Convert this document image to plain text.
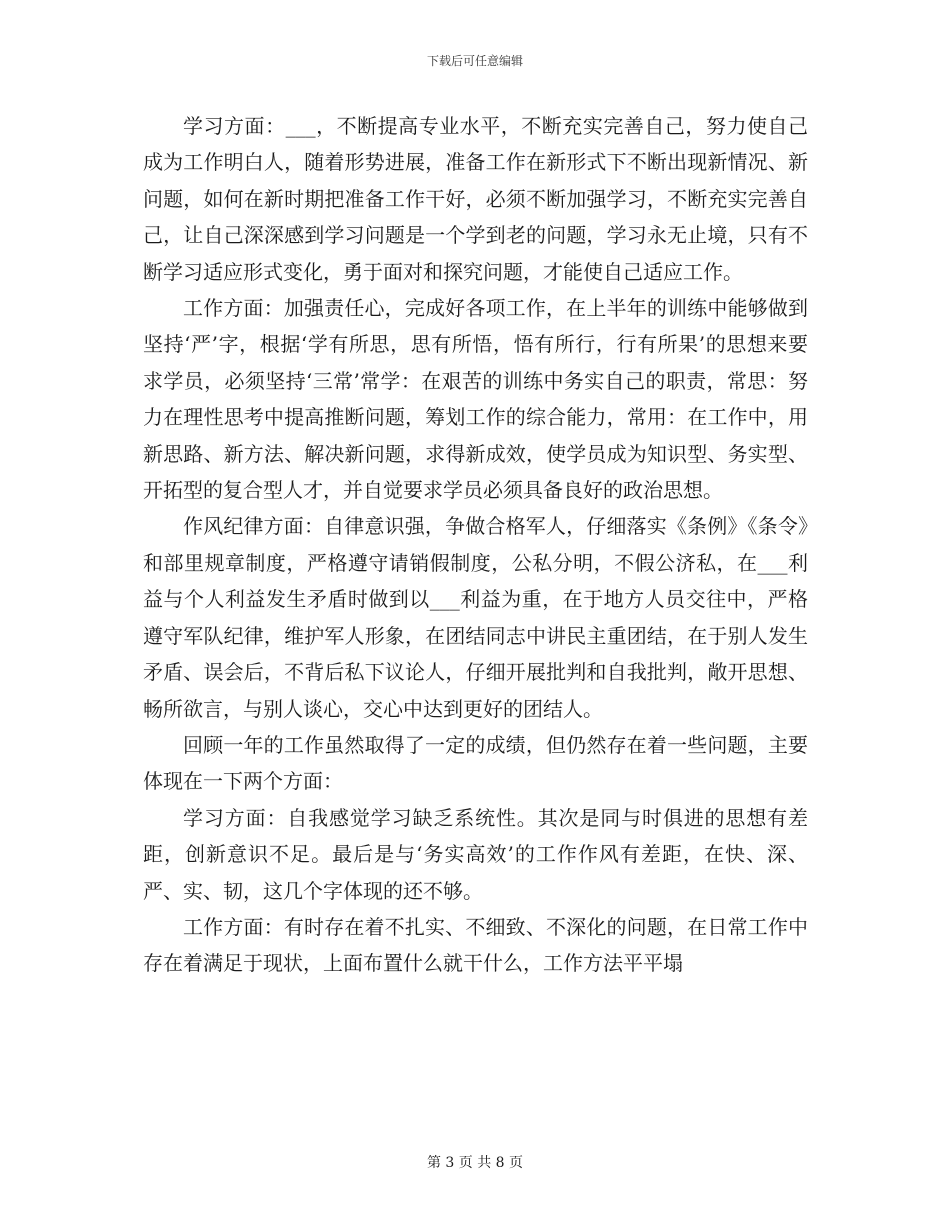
下载后可任意编辑

学习方面：___，不断提高专业水平，不断充实完善自己，努力使自己成为工作明白人，随着形势进展，准备工作在新形式下不断出现新情况、新问题，如何在新时期把准备工作干好，必须不断加强学习，不断充实完善自己，让自己深深感到学习问题是一个学到老的问题，学习永无止境，只有不断学习适应形式变化，勇于面对和探究问题，才能使自己适应工作。

工作方面：加强责任心，完成好各项工作，在上半年的训练中能够做到坚持‘严’字，根据‘学有所思，思有所悟，悟有所行，行有所果’的思想来要求学员，必须坚持‘三常’常学：在艰苦的训练中务实自己的职责，常思：努力在理性思考中提高推断问题，筹划工作的综合能力，常用：在工作中，用新思路、新方法、解决新问题，求得新成效，使学员成为知识型、务实型、开拓型的复合型人才，并自觉要求学员必须具备良好的政治思想。

作风纪律方面：自律意识强，争做合格军人，仔细落实《条例》《条令》和部里规章制度，严格遵守请销假制度，公私分明，不假公济私，在___利益与个人利益发生矛盾时做到以___利益为重，在于地方人员交往中，严格遵守军队纪律，维护军人形象，在团结同志中讲民主重团结，在于别人发生矛盾、误会后，不背后私下议论人，仔细开展批判和自我批判，敞开思想、畅所欲言，与别人谈心，交心中达到更好的团结人。

回顾一年的工作虽然取得了一定的成绩，但仍然存在着一些问题，主要体现在一下两个方面：

学习方面：自我感觉学习缺乏系统性。其次是同与时俱进的思想有差距，创新意识不足。最后是与‘务实高效’的工作作风有差距，在快、深、严、实、韧，这几个字体现的还不够。

工作方面：有时存在着不扎实、不细致、不深化的问题，在日常工作中存在着满足于现状，上面布置什么就干什么，工作方法平平塌

第 3 页 共 8 页
